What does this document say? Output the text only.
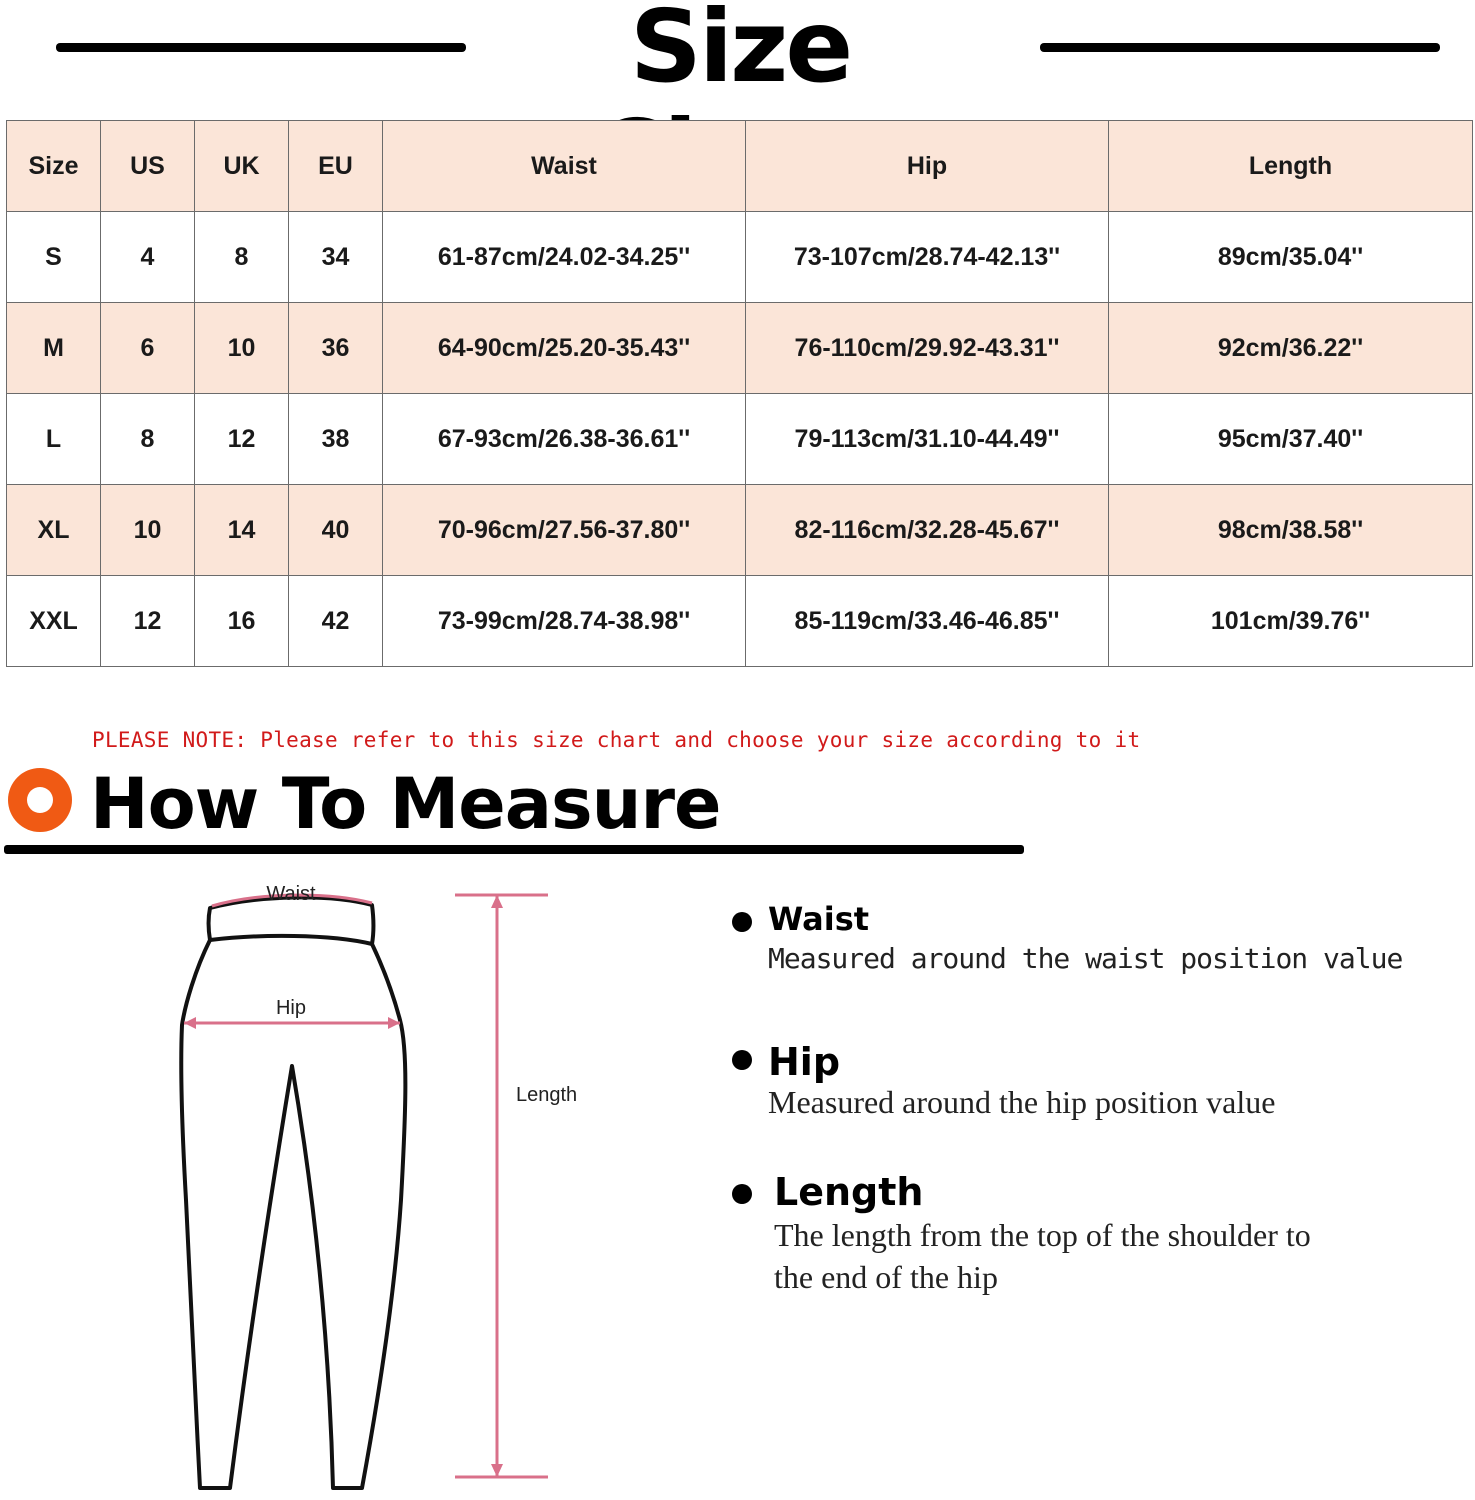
Size
Size	US	UK	EU	Waist	Hip	Length
S	4	8	34	61-87cm/24.02-34.25''	73-107cm/28.74-42.13''	89cm/35.04''
M	6	10	36	64-90cm/25.20-35.43''	76-110cm/29.92-43.31''	92cm/36.22''
L	8	12	38	67-93cm/26.38-36.61''	79-113cm/31.10-44.49''	95cm/37.40''
XL	10	14	40	70-96cm/27.56-37.80''	82-116cm/32.28-45.67''	98cm/38.58''
XXL	12	16	42	73-99cm/28.74-38.98''	85-119cm/33.46-46.85''	101cm/39.76''
PLEASE NOTE: Please refer to this size chart and choose your size according to it
How To Measure
Waist
Hip
Length
Waist
Measured around the waist position value
Hip
Measured around the hip position value
Length
The length from the top of the shoulder to
the end of the hip
